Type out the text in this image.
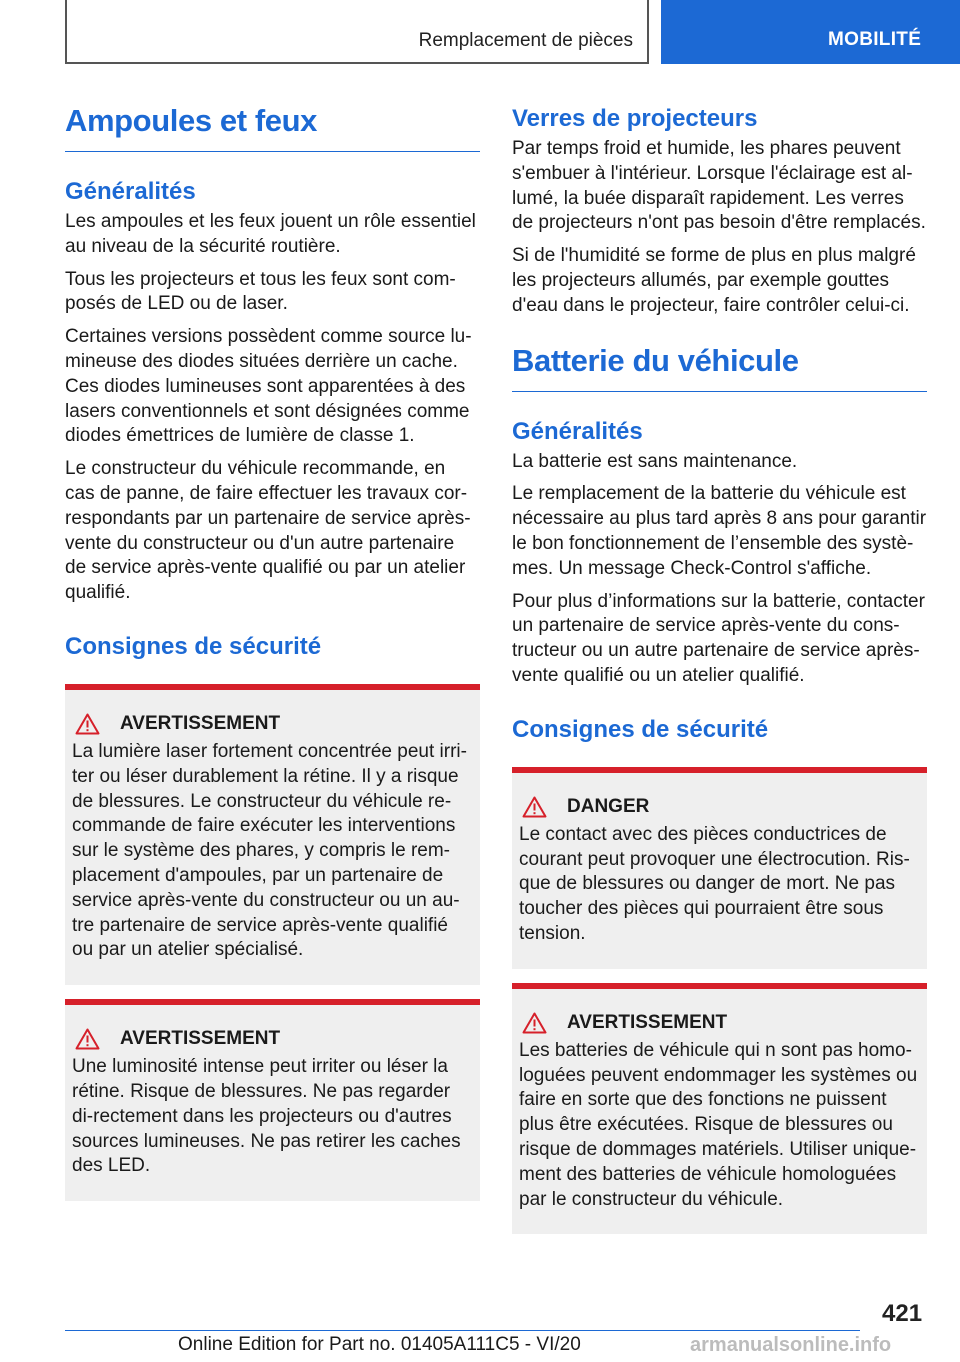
Remplacement de pièces	MOBILITÉ
Ampoules et feux
Généralités

Les ampoules et les feux jouent un rôle essentiel au niveau de la sécurité routière.

Tous les projecteurs et tous les feux sont com-posés de LED ou de laser.

Certaines versions possèdent comme source lu-mineuse des diodes situées derrière un cache. Ces diodes lumineuses sont apparentées à des lasers conventionnels et sont désignées comme diodes émettrices de lumière de classe 1.

Le constructeur du véhicule recommande, en cas de panne, de faire effectuer les travaux cor-respondants par un partenaire de service après-vente du constructeur ou d'un autre partenaire de service après-vente qualifié ou par un atelier qualifié.

Consignes de sécurité
AVERTISSEMENT

La lumière laser fortement concentrée peut irri-ter ou léser durablement la rétine. Il y a risque de blessures. Le constructeur du véhicule re-commande de faire exécuter les interventions sur le système des phares, y compris le rem-placement d'ampoules, par un partenaire de service après-vente du constructeur ou un au-tre partenaire de service après-vente qualifié ou par un atelier spécialisé.

AVERTISSEMENT

Une luminosité intense peut irriter ou léser la rétine. Risque de blessures. Ne pas regarder di-rectement dans les projecteurs ou d'autres sources lumineuses. Ne pas retirer les caches des LED.

Verres de projecteurs

Par temps froid et humide, les phares peuvent s'embuer à l'intérieur. Lorsque l'éclairage est al-lumé, la buée disparaît rapidement. Les verres de projecteurs n'ont pas besoin d'être remplacés.

Si de l'humidité se forme de plus en plus malgré les projecteurs allumés, par exemple gouttes d'eau dans le projecteur, faire contrôler celui-ci.

Batterie du véhicule
Généralités

La batterie est sans maintenance.

Le remplacement de la batterie du véhicule est nécessaire au plus tard après 8 ans pour garantir le bon fonctionnement de l’ensemble des systè-mes. Un message Check-Control s'affiche.

Pour plus d’informations sur la batterie, contacter un partenaire de service après-vente du cons-tructeur ou un autre partenaire de service après-vente qualifié ou un atelier qualifié.

Consignes de sécurité
DANGER

Le contact avec des pièces conductrices de courant peut provoquer une électrocution. Ris-que de blessures ou danger de mort. Ne pas toucher des pièces qui pourraient être sous tension.

AVERTISSEMENT

Les batteries de véhicule qui n sont pas homo-loguées peuvent endommager les systèmes ou faire en sorte que des fonctions ne puissent plus être exécutées. Risque de blessures ou risque de dommages matériels. Utiliser unique-ment des batteries de véhicule homologuées par le constructeur du véhicule.

421
Online Edition for Part no. 01405A111C5 - VI/20	armanualsonline.info
